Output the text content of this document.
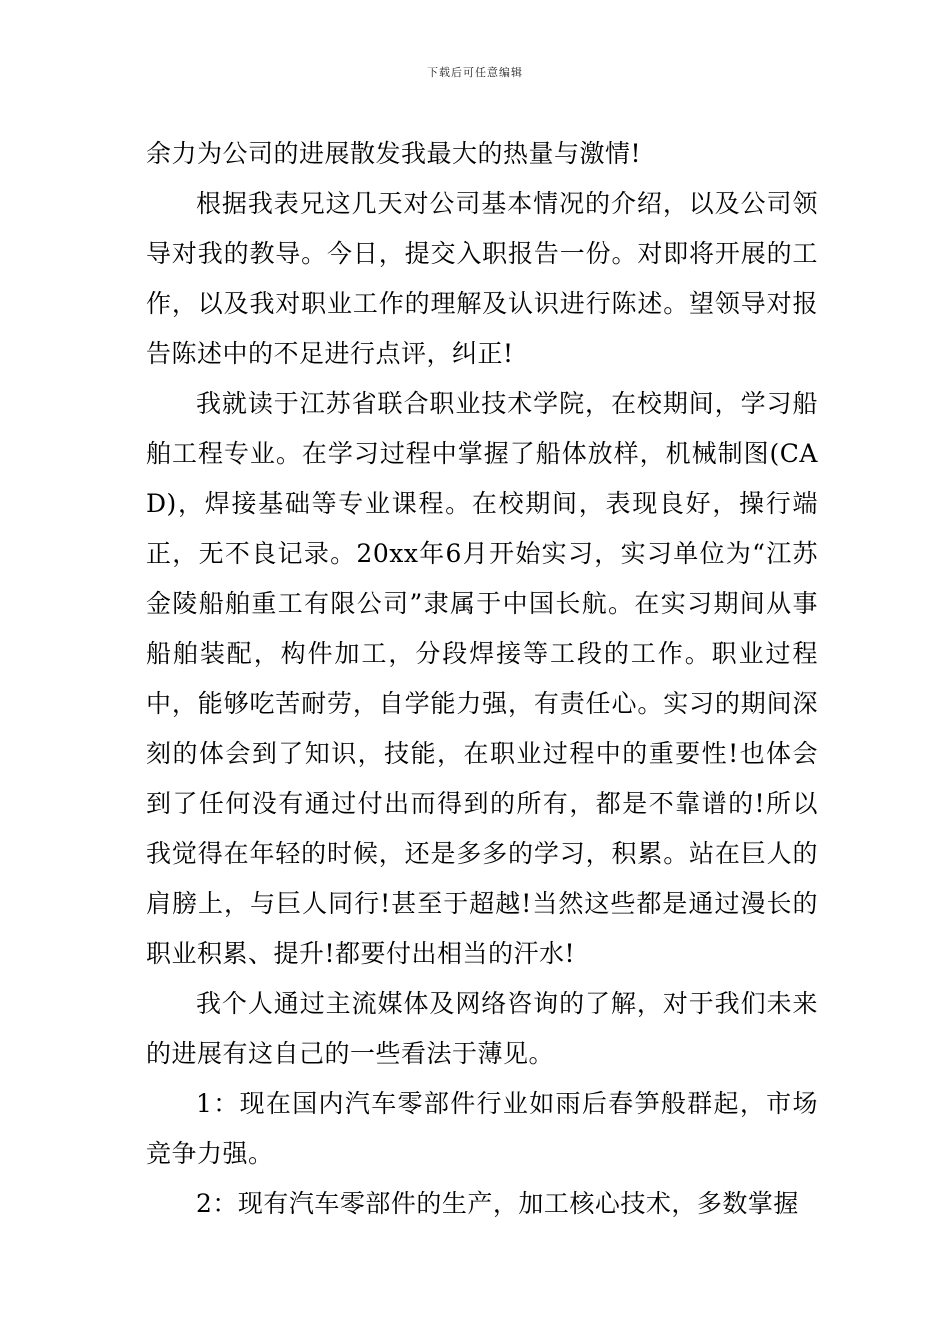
下载后可任意编辑

余力为公司的进展散发我最大的热量与激情!

根据我表兄这几天对公司基本情况的介绍，以及公司领导对我的教导。今日，提交入职报告一份。对即将开展的工作，以及我对职业工作的理解及认识进行陈述。望领导对报告陈述中的不足进行点评，纠正!

我就读于江苏省联合职业技术学院，在校期间，学习船舶工程专业。在学习过程中掌握了船体放样，机械制图(CAD)，焊接基础等专业课程。在校期间，表现良好，操行端正，无不良记录。20xx年6月开始实习，实习单位为“江苏金陵船舶重工有限公司”隶属于中国长航。在实习期间从事船舶装配，构件加工，分段焊接等工段的工作。职业过程中，能够吃苦耐劳，自学能力强，有责任心。实习的期间深刻的体会到了知识，技能，在职业过程中的重要性!也体会到了任何没有通过付出而得到的所有，都是不靠谱的!所以我觉得在年轻的时候，还是多多的学习，积累。站在巨人的肩膀上，与巨人同行!甚至于超越!当然这些都是通过漫长的职业积累、提升!都要付出相当的汗水!

我个人通过主流媒体及网络咨询的了解，对于我们未来的进展有这自己的一些看法于薄见。

1：现在国内汽车零部件行业如雨后春笋般群起，市场竞争力强。

2：现有汽车零部件的生产，加工核心技术，多数掌握
